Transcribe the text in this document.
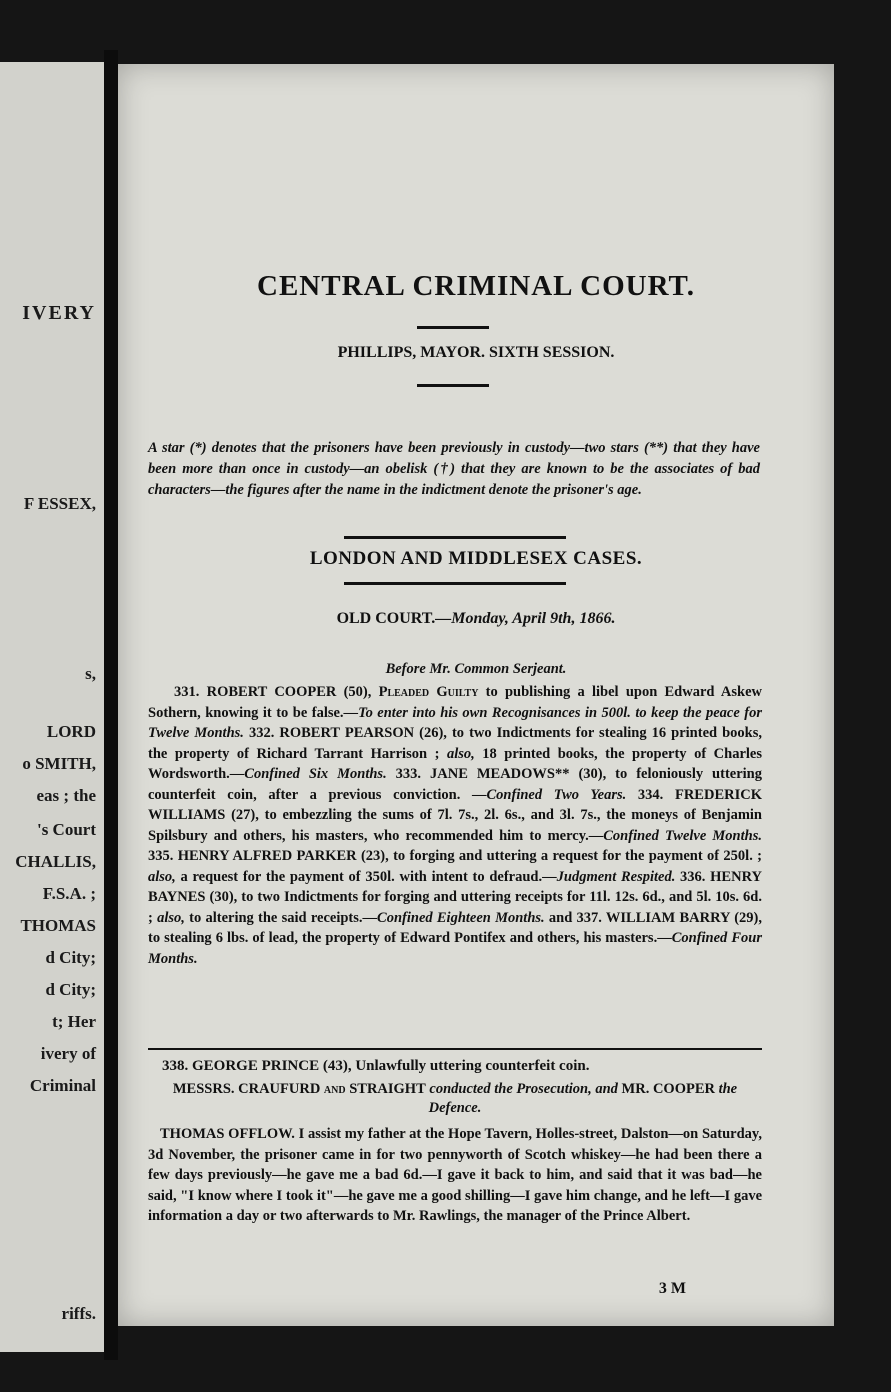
IVERY
F ESSEX,
s,
LORD
o SMITH,
eas ; the
's Court
CHALLIS,
F.S.A. ;
THOMAS
d City;
d City;
t; Her
ivery of
Criminal
riffs.
CENTRAL CRIMINAL COURT.
PHILLIPS, MAYOR. SIXTH SESSION.

A star (*) denotes that the prisoners have been previously in custody—two stars (**) that they have been more than once in custody—an obelisk (†) that they are known to be the associates of bad characters—the figures after the name in the indictment denote the prisoner's age.

LONDON AND MIDDLESEX CASES.
OLD COURT.—Monday, April 9th, 1866.
Before Mr. Common Serjeant.

331. ROBERT COOPER (50), Pleaded Guilty to publishing a libel upon Edward Askew Sothern, knowing it to be false.—To enter into his own Recognisances in 500l. to keep the peace for Twelve Months. 332. ROBERT PEARSON (26), to two Indictments for stealing 16 printed books, the property of Richard Tarrant Harrison ; also, 18 printed books, the property of Charles Wordsworth.—Confined Six Months. 333. JANE MEADOWS** (30), to feloniously uttering counterfeit coin, after a previous conviction. —Confined Two Years. 334. FREDERICK WILLIAMS (27), to embezzling the sums of 7l. 7s., 2l. 6s., and 3l. 7s., the moneys of Benjamin Spilsbury and others, his masters, who recommended him to mercy.—Confined Twelve Months. 335. HENRY ALFRED PARKER (23), to forging and uttering a request for the payment of 250l. ; also, a request for the payment of 350l. with intent to defraud.—Judgment Respited. 336. HENRY BAYNES (30), to two Indictments for forging and uttering receipts for 11l. 12s. 6d., and 5l. 10s. 6d. ; also, to altering the said receipts.—Confined Eighteen Months. and 337. WILLIAM BARRY (29), to stealing 6 lbs. of lead, the property of Edward Pontifex and others, his masters.—Confined Four Months.

338. GEORGE PRINCE (43), Unlawfully uttering counterfeit coin.

MESSRS. CRAUFURD and STRAIGHT conducted the Prosecution, and MR. COOPER the Defence.

THOMAS OFFLOW. I assist my father at the Hope Tavern, Holles-street, Dalston—on Saturday, 3d November, the prisoner came in for two pennyworth of Scotch whiskey—he had been there a few days previously—he gave me a bad 6d.—I gave it back to him, and said that it was bad—he said, "I know where I took it"—he gave me a good shilling—I gave him change, and he left—I gave information a day or two afterwards to Mr. Rawlings, the manager of the Prince Albert.

3 M
